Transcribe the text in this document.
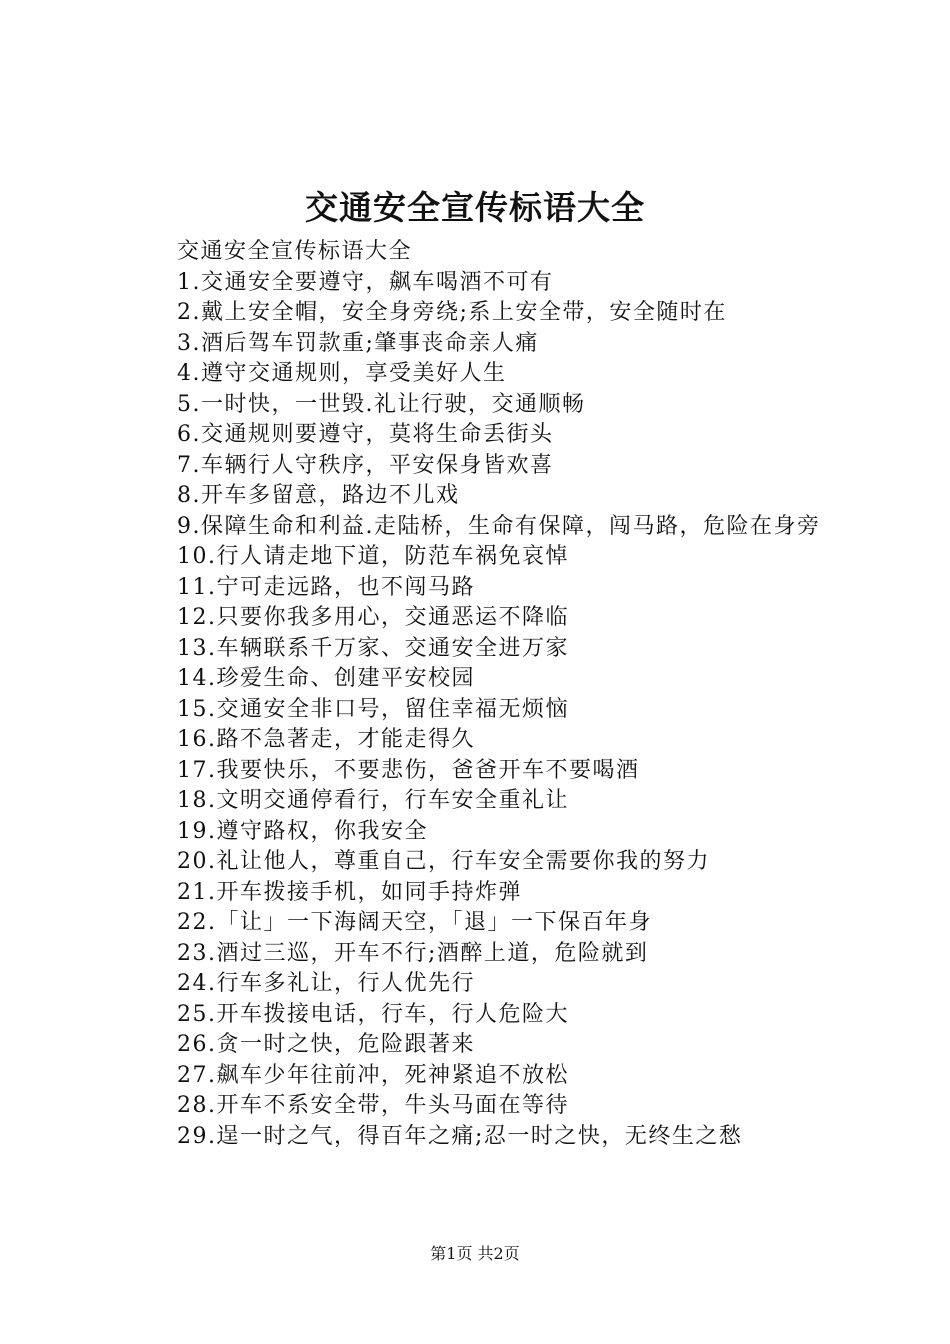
交通安全宣传标语大全

交通安全宣传标语大全

1.交通安全要遵守，飙车喝酒不可有

2.戴上安全帽，安全身旁绕;系上安全带，安全随时在

3.酒后驾车罚款重;肇事丧命亲人痛

4.遵守交通规则，享受美好人生

5.一时快，一世毁.礼让行驶，交通顺畅

6.交通规则要遵守，莫将生命丢街头

7.车辆行人守秩序，平安保身皆欢喜

8.开车多留意，路边不儿戏

9.保障生命和利益.走陆桥，生命有保障，闯马路，危险在身旁

10.行人请走地下道，防范车祸免哀悼

11.宁可走远路，也不闯马路

12.只要你我多用心，交通恶运不降临

13.车辆联系千万家、交通安全进万家

14.珍爱生命、创建平安校园

15.交通安全非口号，留住幸福无烦恼

16.路不急著走，才能走得久

17.我要快乐，不要悲伤，爸爸开车不要喝酒

18.文明交通停看行，行车安全重礼让

19.遵守路权，你我安全

20.礼让他人，尊重自己，行车安全需要你我的努力

21.开车拨接手机，如同手持炸弹

22.「让」一下海阔天空，「退」一下保百年身

23.酒过三巡，开车不行;酒醉上道，危险就到

24.行车多礼让，行人优先行

25.开车拨接电话，行车，行人危险大

26.贪一时之快，危险跟著来

27.飙车少年往前冲，死神紧追不放松

28.开车不系安全带，牛头马面在等待

29.逞一时之气，得百年之痛;忍一时之快，无终生之愁

第1页 共2页
